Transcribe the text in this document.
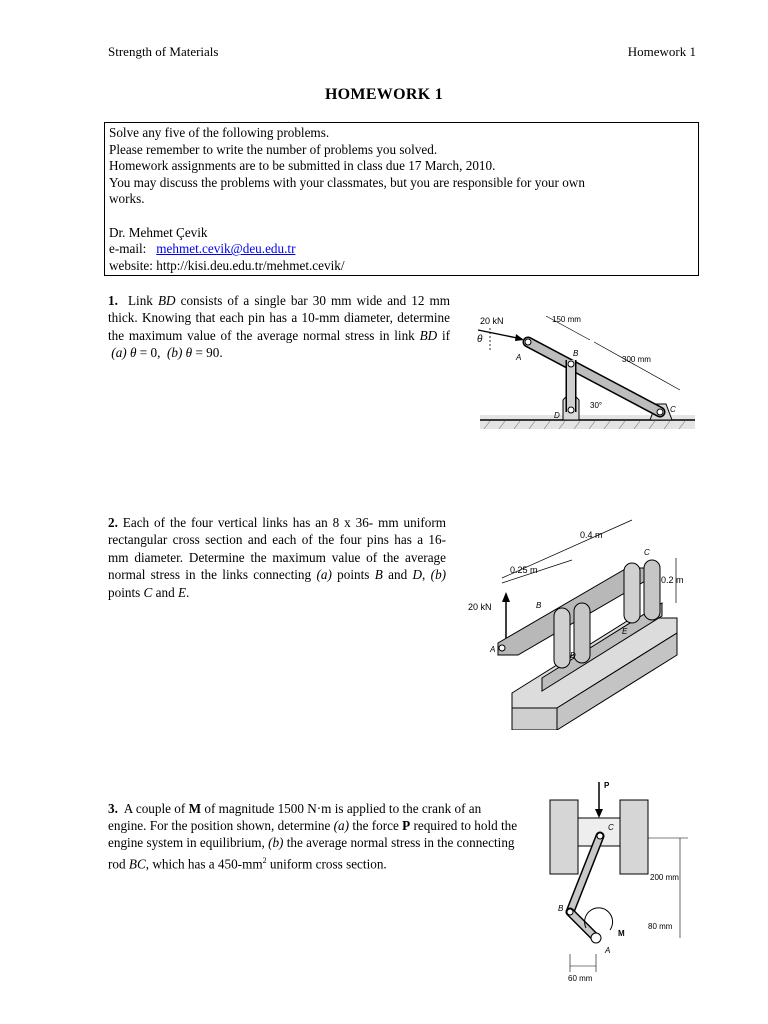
Strength of Materials	Homework 1
HOMEWORK 1
Solve any five of the following problems.
Please remember to write the number of problems you solved.
Homework assignments are to be submitted in class due 17 March, 2010.
You may discuss the problems with your classmates, but you are responsible for your own
works.
Dr. Mehmet Çevik
e-mail: mehmet.cevik@deu.edu.tr
website: http://kisi.deu.edu.tr/mehmet.cevik/
1. Link BD consists of a single bar 30 mm wide and 12 mm thick. Knowing that each pin has a 10-mm diameter, determine the maximum value of the average normal stress in link BD if  (a) θ = 0, (b) θ = 90.
20 kN
θ
A	B
D
C
150 mm
300 mm
30°
2. Each of the four vertical links has an 8 x 36- mm uniform rectangular cross section and each of the four pins has a 16- mm diameter. Determine the maximum value of the average normal stress in the links connecting (a) points B and D, (b) points C and E.
20 kN
A
B
C
D
E
0.4 m
0.25 m
0.2 m
3. A couple of M of magnitude 1500 N·m is applied to the crank of an engine. For the position shown, determine (a) the force P required to hold the engine system in equilibrium, (b) the average normal stress in the connecting rod BC, which has a $450-mm^2$ uniform cross section.
P
C
B
M
A
200 mm
80 mm
60 mm
